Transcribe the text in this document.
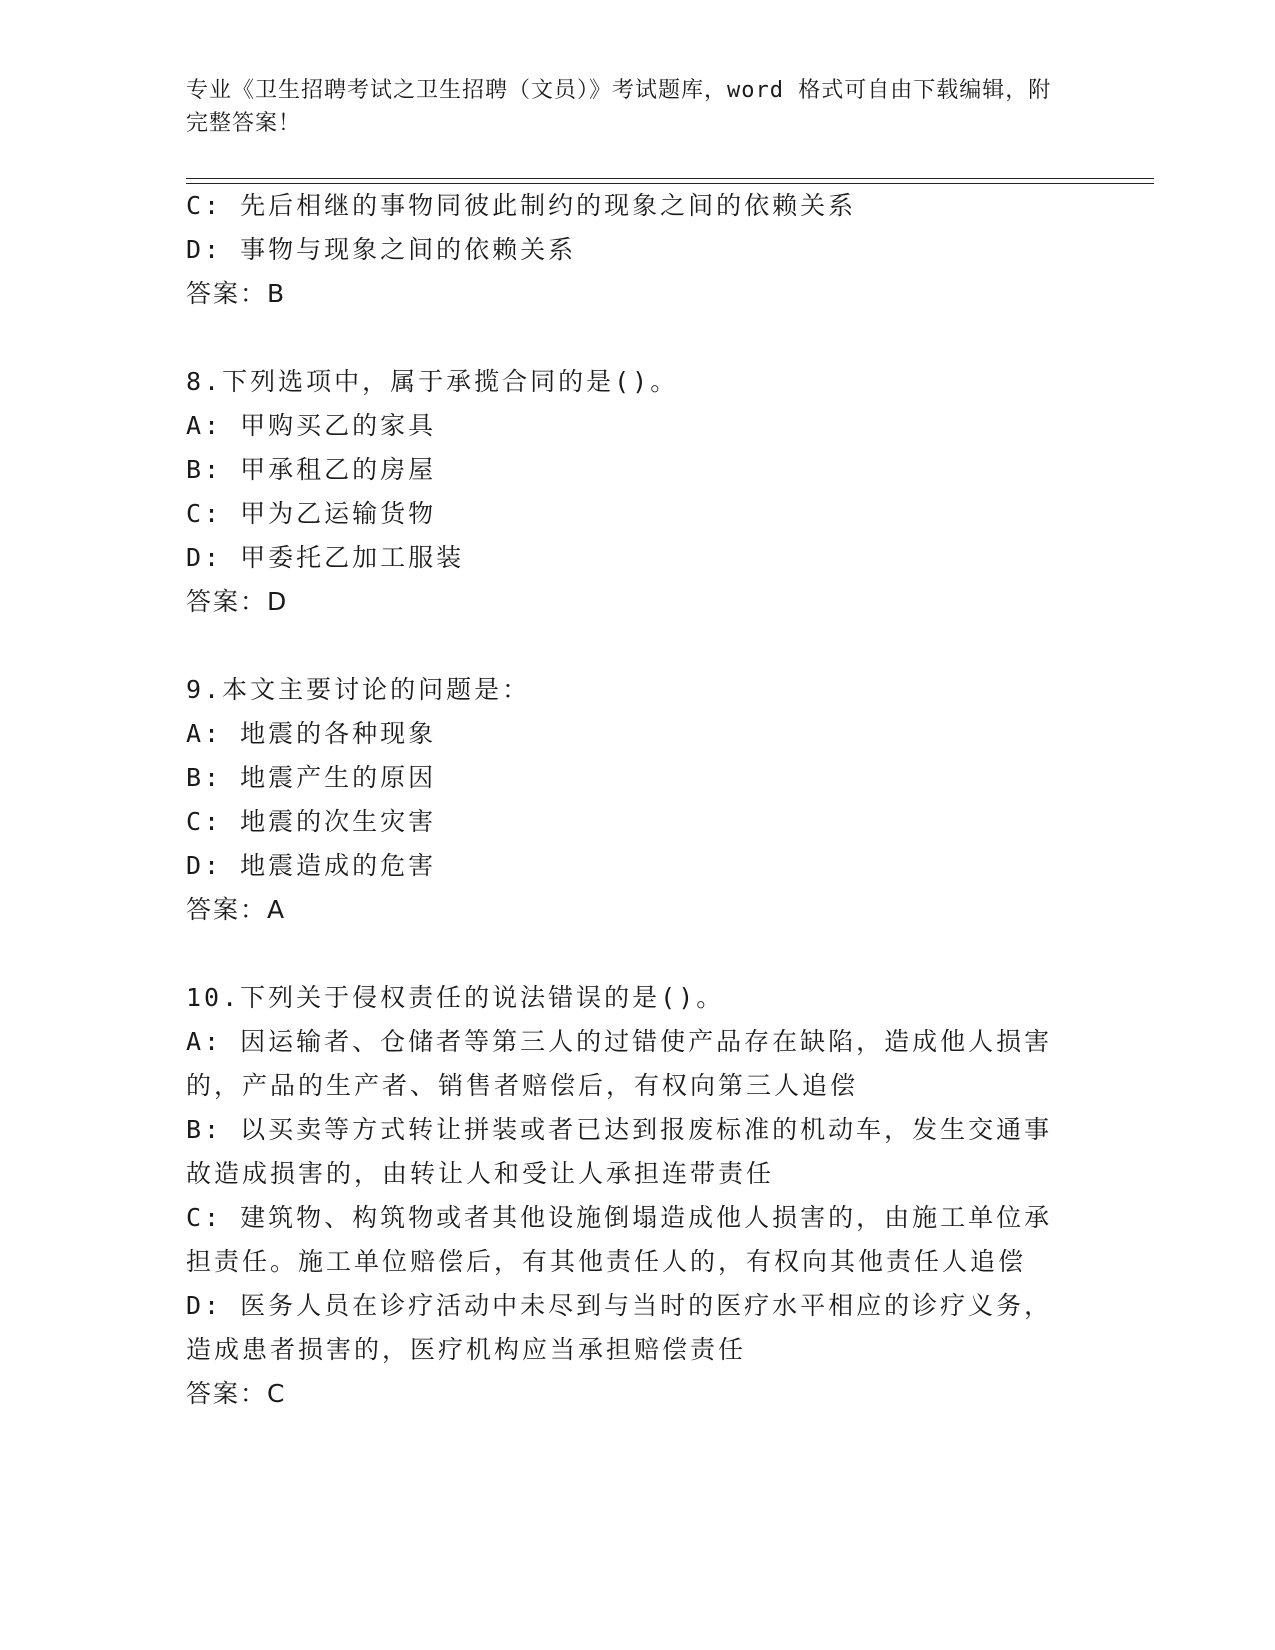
专业《卫生招聘考试之卫生招聘（文员）》考试题库，word 格式可自由下载编辑，附完整答案！
C: 先后相继的事物同彼此制约的现象之间的依赖关系
D: 事物与现象之间的依赖关系
答案：B
8.下列选项中，属于承揽合同的是()。
A: 甲购买乙的家具
B: 甲承租乙的房屋
C: 甲为乙运输货物
D: 甲委托乙加工服装
答案：D
9.本文主要讨论的问题是：
A: 地震的各种现象
B: 地震产生的原因
C: 地震的次生灾害
D: 地震造成的危害
答案：A
10.下列关于侵权责任的说法错误的是()。
A: 因运输者、仓储者等第三人的过错使产品存在缺陷，造成他人损害
的，产品的生产者、销售者赔偿后，有权向第三人追偿
B: 以买卖等方式转让拼装或者已达到报废标准的机动车，发生交通事
故造成损害的，由转让人和受让人承担连带责任
C: 建筑物、构筑物或者其他设施倒塌造成他人损害的，由施工单位承
担责任。施工单位赔偿后，有其他责任人的，有权向其他责任人追偿
D: 医务人员在诊疗活动中未尽到与当时的医疗水平相应的诊疗义务，
造成患者损害的，医疗机构应当承担赔偿责任
答案：C
